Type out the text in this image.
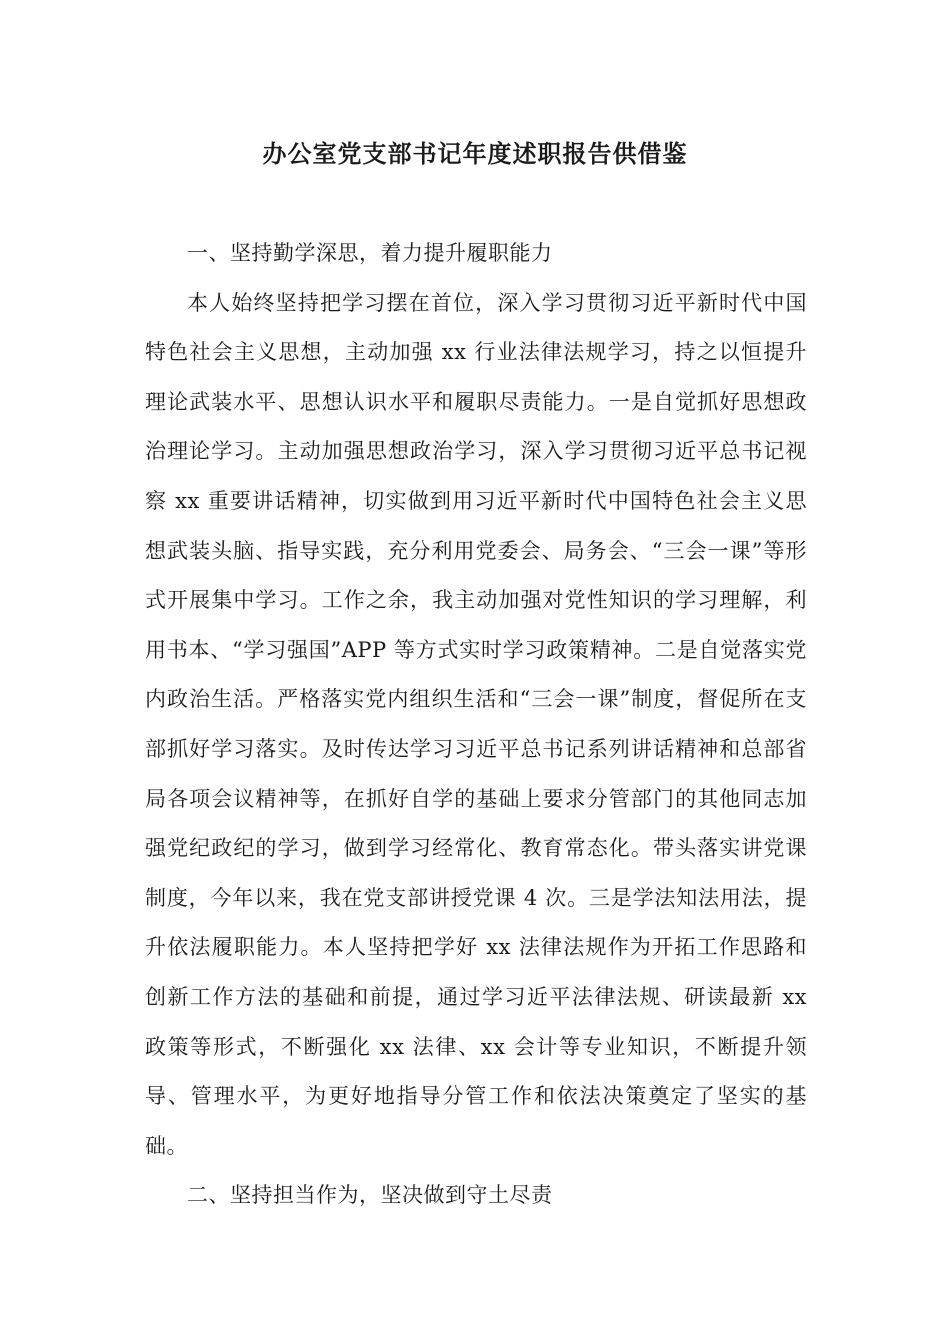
办公室党支部书记年度述职报告供借鉴

一、坚持勤学深思，着力提升履职能力

本人始终坚持把学习摆在首位，深入学习贯彻习近平新时代中国特色社会主义思想，主动加强 xx 行业法律法规学习，持之以恒提升理论武装水平、思想认识水平和履职尽责能力。一是自觉抓好思想政治理论学习。主动加强思想政治学习，深入学习贯彻习近平总书记视察 xx 重要讲话精神，切实做到用习近平新时代中国特色社会主义思想武装头脑、指导实践，充分利用党委会、局务会、“三会一课”等形式开展集中学习。工作之余，我主动加强对党性知识的学习理解，利用书本、“学习强国”APP 等方式实时学习政策精神。二是自觉落实党内政治生活。严格落实党内组织生活和“三会一课”制度，督促所在支部抓好学习落实。及时传达学习习近平总书记系列讲话精神和总部省局各项会议精神等，在抓好自学的基础上要求分管部门的其他同志加强党纪政纪的学习，做到学习经常化、教育常态化。带头落实讲党课制度，今年以来，我在党支部讲授党课 4 次。三是学法知法用法，提升依法履职能力。本人坚持把学好 xx 法律法规作为开拓工作思路和创新工作方法的基础和前提，通过学习近平法律法规、研读最新 xx 政策等形式，不断强化 xx 法律、xx 会计等专业知识，不断提升领导、管理水平，为更好地指导分管工作和依法决策奠定了坚实的基础。

二、坚持担当作为，坚决做到守土尽责
